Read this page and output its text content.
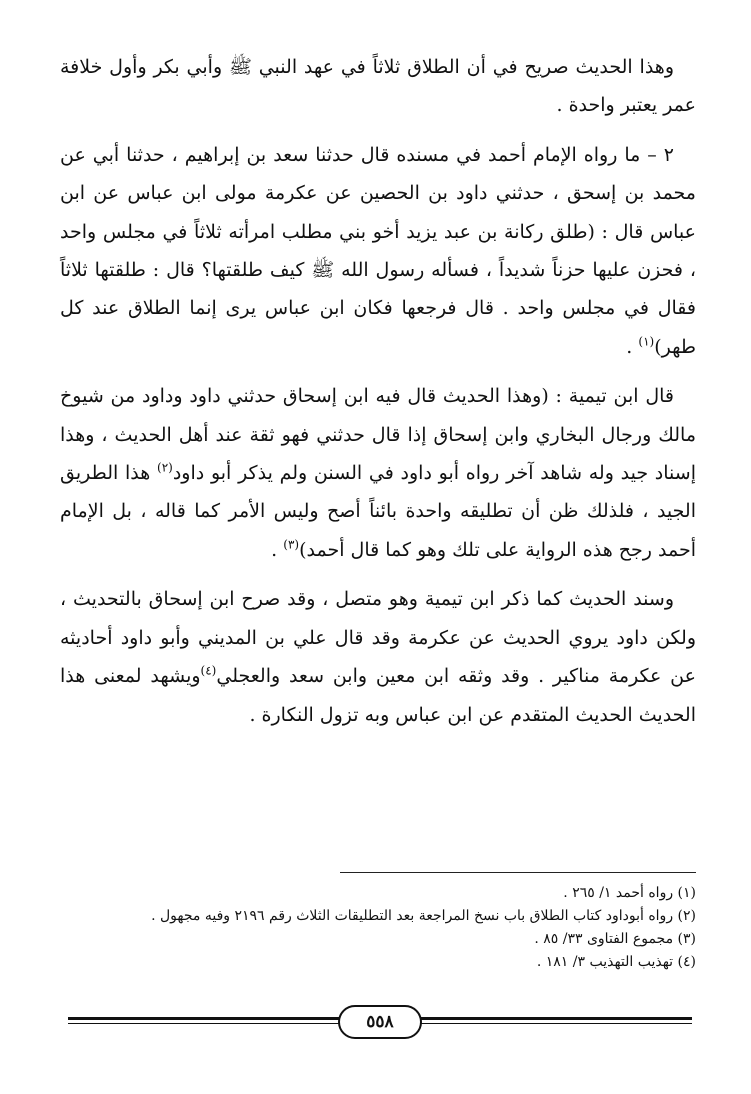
وهذا الحديث صريح في أن الطلاق ثلاثاً في عهد النبي ﷺ وأبي بكر وأول خلافة عمر يعتبر واحدة .

٢ – ما رواه الإمام أحمد في مسنده قال حدثنا سعد بن إبراهيم ، حدثنا أبي عن محمد بن إسحق ، حدثني داود بن الحصين عن عكرمة مولى ابن عباس عن ابن عباس قال : (طلق ركانة بن عبد يزيد أخو بني مطلب امرأته ثلاثاً في مجلس واحد ، فحزن عليها حزناً شديداً ، فسأله رسول الله ﷺ كيف طلقتها؟ قال : طلقتها ثلاثاً فقال في مجلس واحد . قال فرجعها فكان ابن عباس يرى إنما الطلاق عند كل طهر)$^{(١)}$ .

قال ابن تيمية : (وهذا الحديث قال فيه ابن إسحاق حدثني داود وداود من شيوخ مالك ورجال البخاري وابن إسحاق إذا قال حدثني فهو ثقة عند أهل الحديث ، وهذا إسناد جيد وله شاهد آخر رواه أبو داود في السنن ولم يذكر أبو داود$^{(٢)}$ هذا الطريق الجيد ، فلذلك ظن أن تطليقه واحدة بائناً أصح وليس الأمر كما قاله ، بل الإمام أحمد رجح هذه الرواية على تلك وهو كما قال أحمد)$^{(٣)}$ .

وسند الحديث كما ذكر ابن تيمية وهو متصل ، وقد صرح ابن إسحاق بالتحديث ، ولكن داود يروي الحديث عن عكرمة وقد قال علي بن المديني وأبو داود أحاديثه عن عكرمة مناكير . وقد وثقه ابن معين وابن سعد والعجلي$^{(٤)}$ويشهد لمعنى هذا الحديث الحديث المتقدم عن ابن عباس وبه تزول النكارة .

(١) رواه أحمد ١/ ٢٦٥ .

(٢) رواه أبوداود كتاب الطلاق باب نسخ المراجعة بعد التطليقات الثلاث رقم ٢١٩٦ وفيه مجهول .

(٣) مجموع الفتاوى ٣٣/ ٨٥ .

(٤) تهذيب التهذيب ٣/ ١٨١ .

٥٥٨
